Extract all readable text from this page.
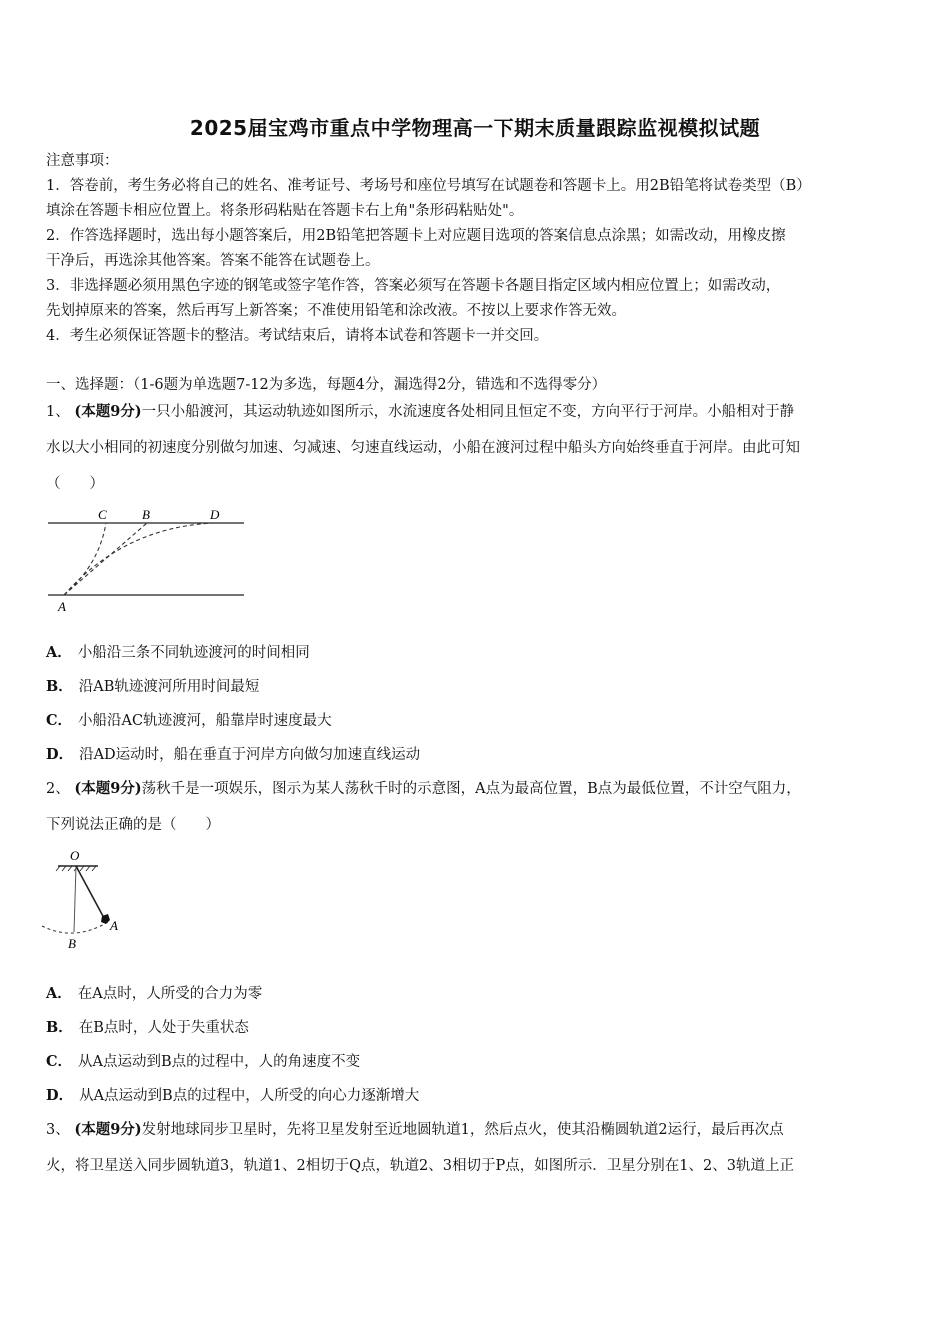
2025届宝鸡市重点中学物理高一下期末质量跟踪监视模拟试题
注意事项：
1．答卷前，考生务必将自己的姓名、准考证号、考场号和座位号填写在试题卷和答题卡上。用2B铅笔将试卷类型（B）
填涂在答题卡相应位置上。将条形码粘贴在答题卡右上角"条形码粘贴处"。
2．作答选择题时，选出每小题答案后，用2B铅笔把答题卡上对应题目选项的答案信息点涂黑；如需改动，用橡皮擦
干净后，再选涂其他答案。答案不能答在试题卷上。
3．非选择题必须用黑色字迹的钢笔或签字笔作答，答案必须写在答题卡各题目指定区域内相应位置上；如需改动，
先划掉原来的答案，然后再写上新答案；不准使用铅笔和涂改液。不按以上要求作答无效。
4．考生必须保证答题卡的整洁。考试结束后，请将本试卷和答题卡一并交回。
一、选择题：（1-6题为单选题7-12为多选，每题4分，漏选得2分，错选和不选得零分）
1、 (本题9分)一只小船渡河，其运动轨迹如图所示，水流速度各处相同且恒定不变，方向平行于河岸。小船相对于静
水以大小相同的初速度分别做匀加速、匀减速、匀速直线运动，小船在渡河过程中船头方向始终垂直于河岸。由此可知
（　　）
C	B	D
A
A． 小船沿三条不同轨迹渡河的时间相同
B． 沿AB轨迹渡河所用时间最短
C． 小船沿AC轨迹渡河，船靠岸时速度最大
D． 沿AD运动时，船在垂直于河岸方向做匀加速直线运动
2、 (本题9分)荡秋千是一项娱乐，图示为某人荡秋千时的示意图，A点为最高位置，B点为最低位置，不计空气阻力，
下列说法正确的是（　　）
O
A
B
A． 在A点时，人所受的合力为零
B． 在B点时，人处于失重状态
C． 从A点运动到B点的过程中，人的角速度不变
D． 从A点运动到B点的过程中，人所受的向心力逐渐增大
3、 (本题9分)发射地球同步卫星时，先将卫星发射至近地圆轨道1，然后点火，使其沿椭圆轨道2运行，最后再次点
火，将卫星送入同步圆轨道3，轨道1、2相切于Q点，轨道2、3相切于P点，如图所示．卫星分别在1、2、3轨道上正
